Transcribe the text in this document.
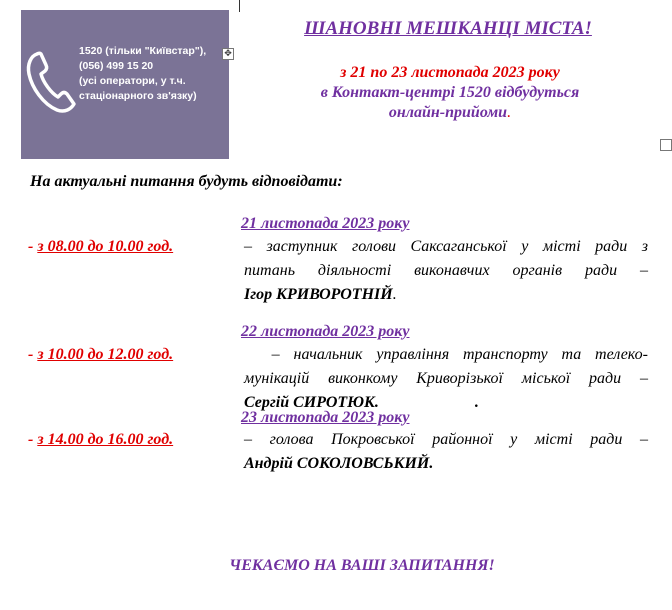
1520 (тільки "Київстар"),
(056) 499 15 20
(усі оператори, у т.ч.
стаціонарного зв'язку)
✥
ШАНОВНІ МЕШКАНЦІ МІСТА!
з 21 по 23 листопада 2023 року
в Контакт-центрі 1520 відбудуться
онлайн-прийоми.
На актуальні питання будуть відповідати:
21 листопада 2023 року
- з 08.00 до 10.00 год.	– заступник голови Саксаганської у місті ради з
питань діяльності виконавчих органів ради –
Ігор КРИВОРОТНІЙ.
22 листопада 2023 року
- з 10.00 до 12.00 год.	– начальник управління транспорту та телеко-
мунікацій виконкому Криворізької міської ради –
Сергій СИРОТЮК.	.
23 листопада 2023 року
- з 14.00 до 16.00 год.	– голова Покровської районної у місті ради –
Андрій СОКОЛОВСЬКИЙ.
ЧЕКАЄМО НА ВАШІ ЗАПИТАННЯ!
